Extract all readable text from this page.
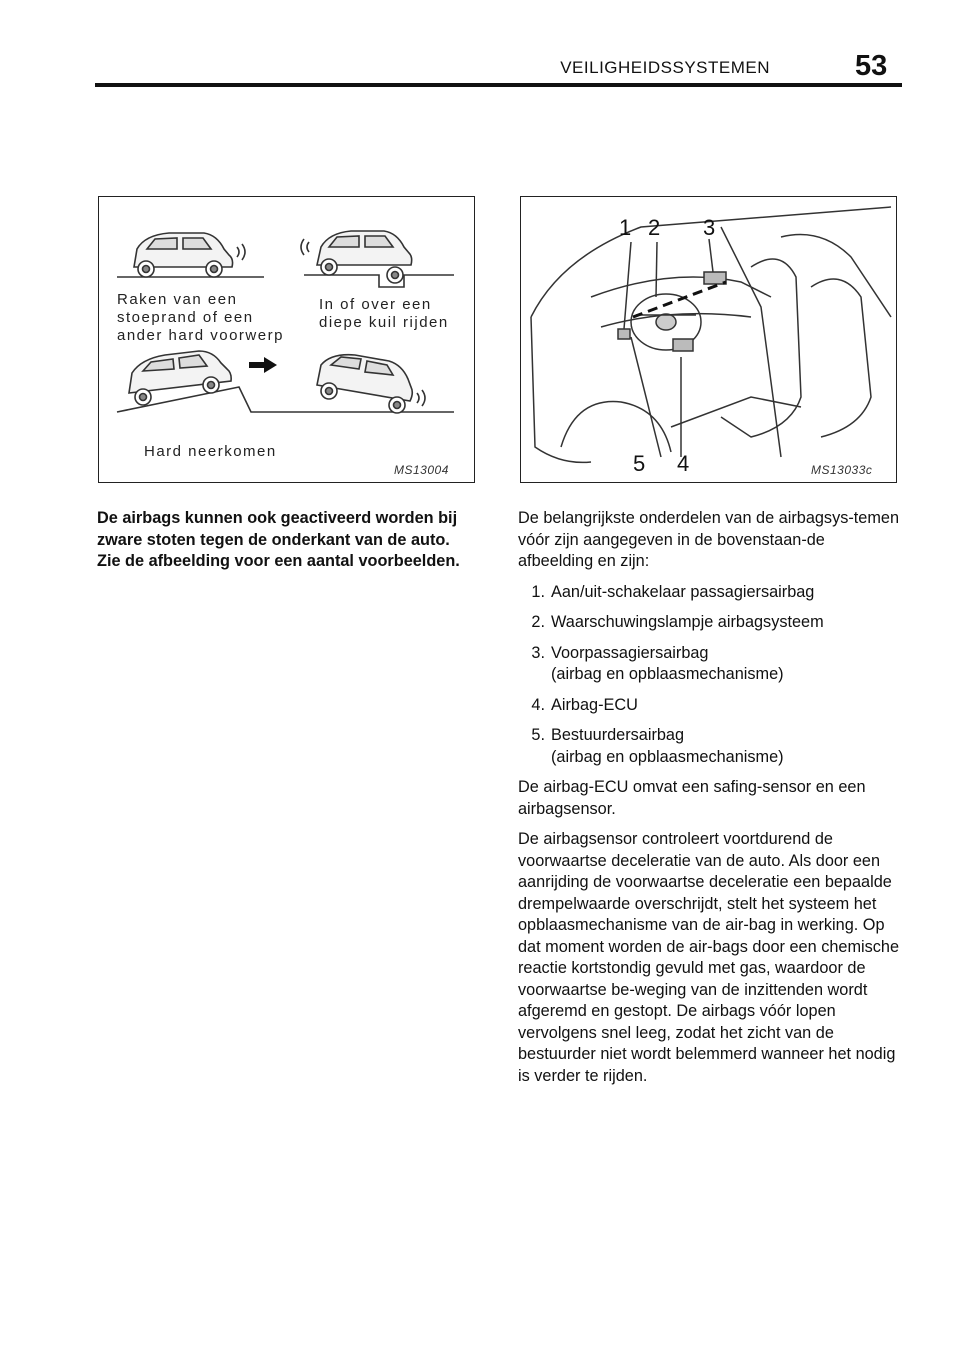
VEILIGHEIDSSYSTEMEN	53
Raken van een
stoeprand of een
ander hard voorwerp
In of over een
diepe kuil rijden
Hard neerkomen
MS13004
1 2 3
5 4	MS13033c
De airbags kunnen ook geactiveerd worden bij zware stoten tegen de onderkant van de auto. Zie de afbeelding voor een aantal voorbeelden.

De belangrijkste onderdelen van de airbagsys-temen vóór zijn aangegeven in de bovenstaan-de afbeelding en zijn:

1. Aan/uit‑schakelaar passagiersairbag
2. Waarschuwingslampje airbagsysteem
3. Voorpassagiersairbag
(airbag en opblaasmechanisme)
4. Airbag‑ECU
5. Bestuurdersairbag
(airbag en opblaasmechanisme)

De airbag‑ECU omvat een safing‑sensor en een airbagsensor.

De airbagsensor controleert voortdurend de voorwaartse deceleratie van de auto. Als door een aanrijding de voorwaartse deceleratie een bepaalde drempelwaarde overschrijdt, stelt het systeem het opblaasmechanisme van de air-bag in werking. Op dat moment worden de air-bags door een chemische reactie kortstondig gevuld met gas, waardoor de voorwaartse be-weging van de inzittenden wordt afgeremd en gestopt. De airbags vóór lopen vervolgens snel leeg, zodat het zicht van de bestuurder niet wordt belemmerd wanneer het nodig is verder te rijden.
